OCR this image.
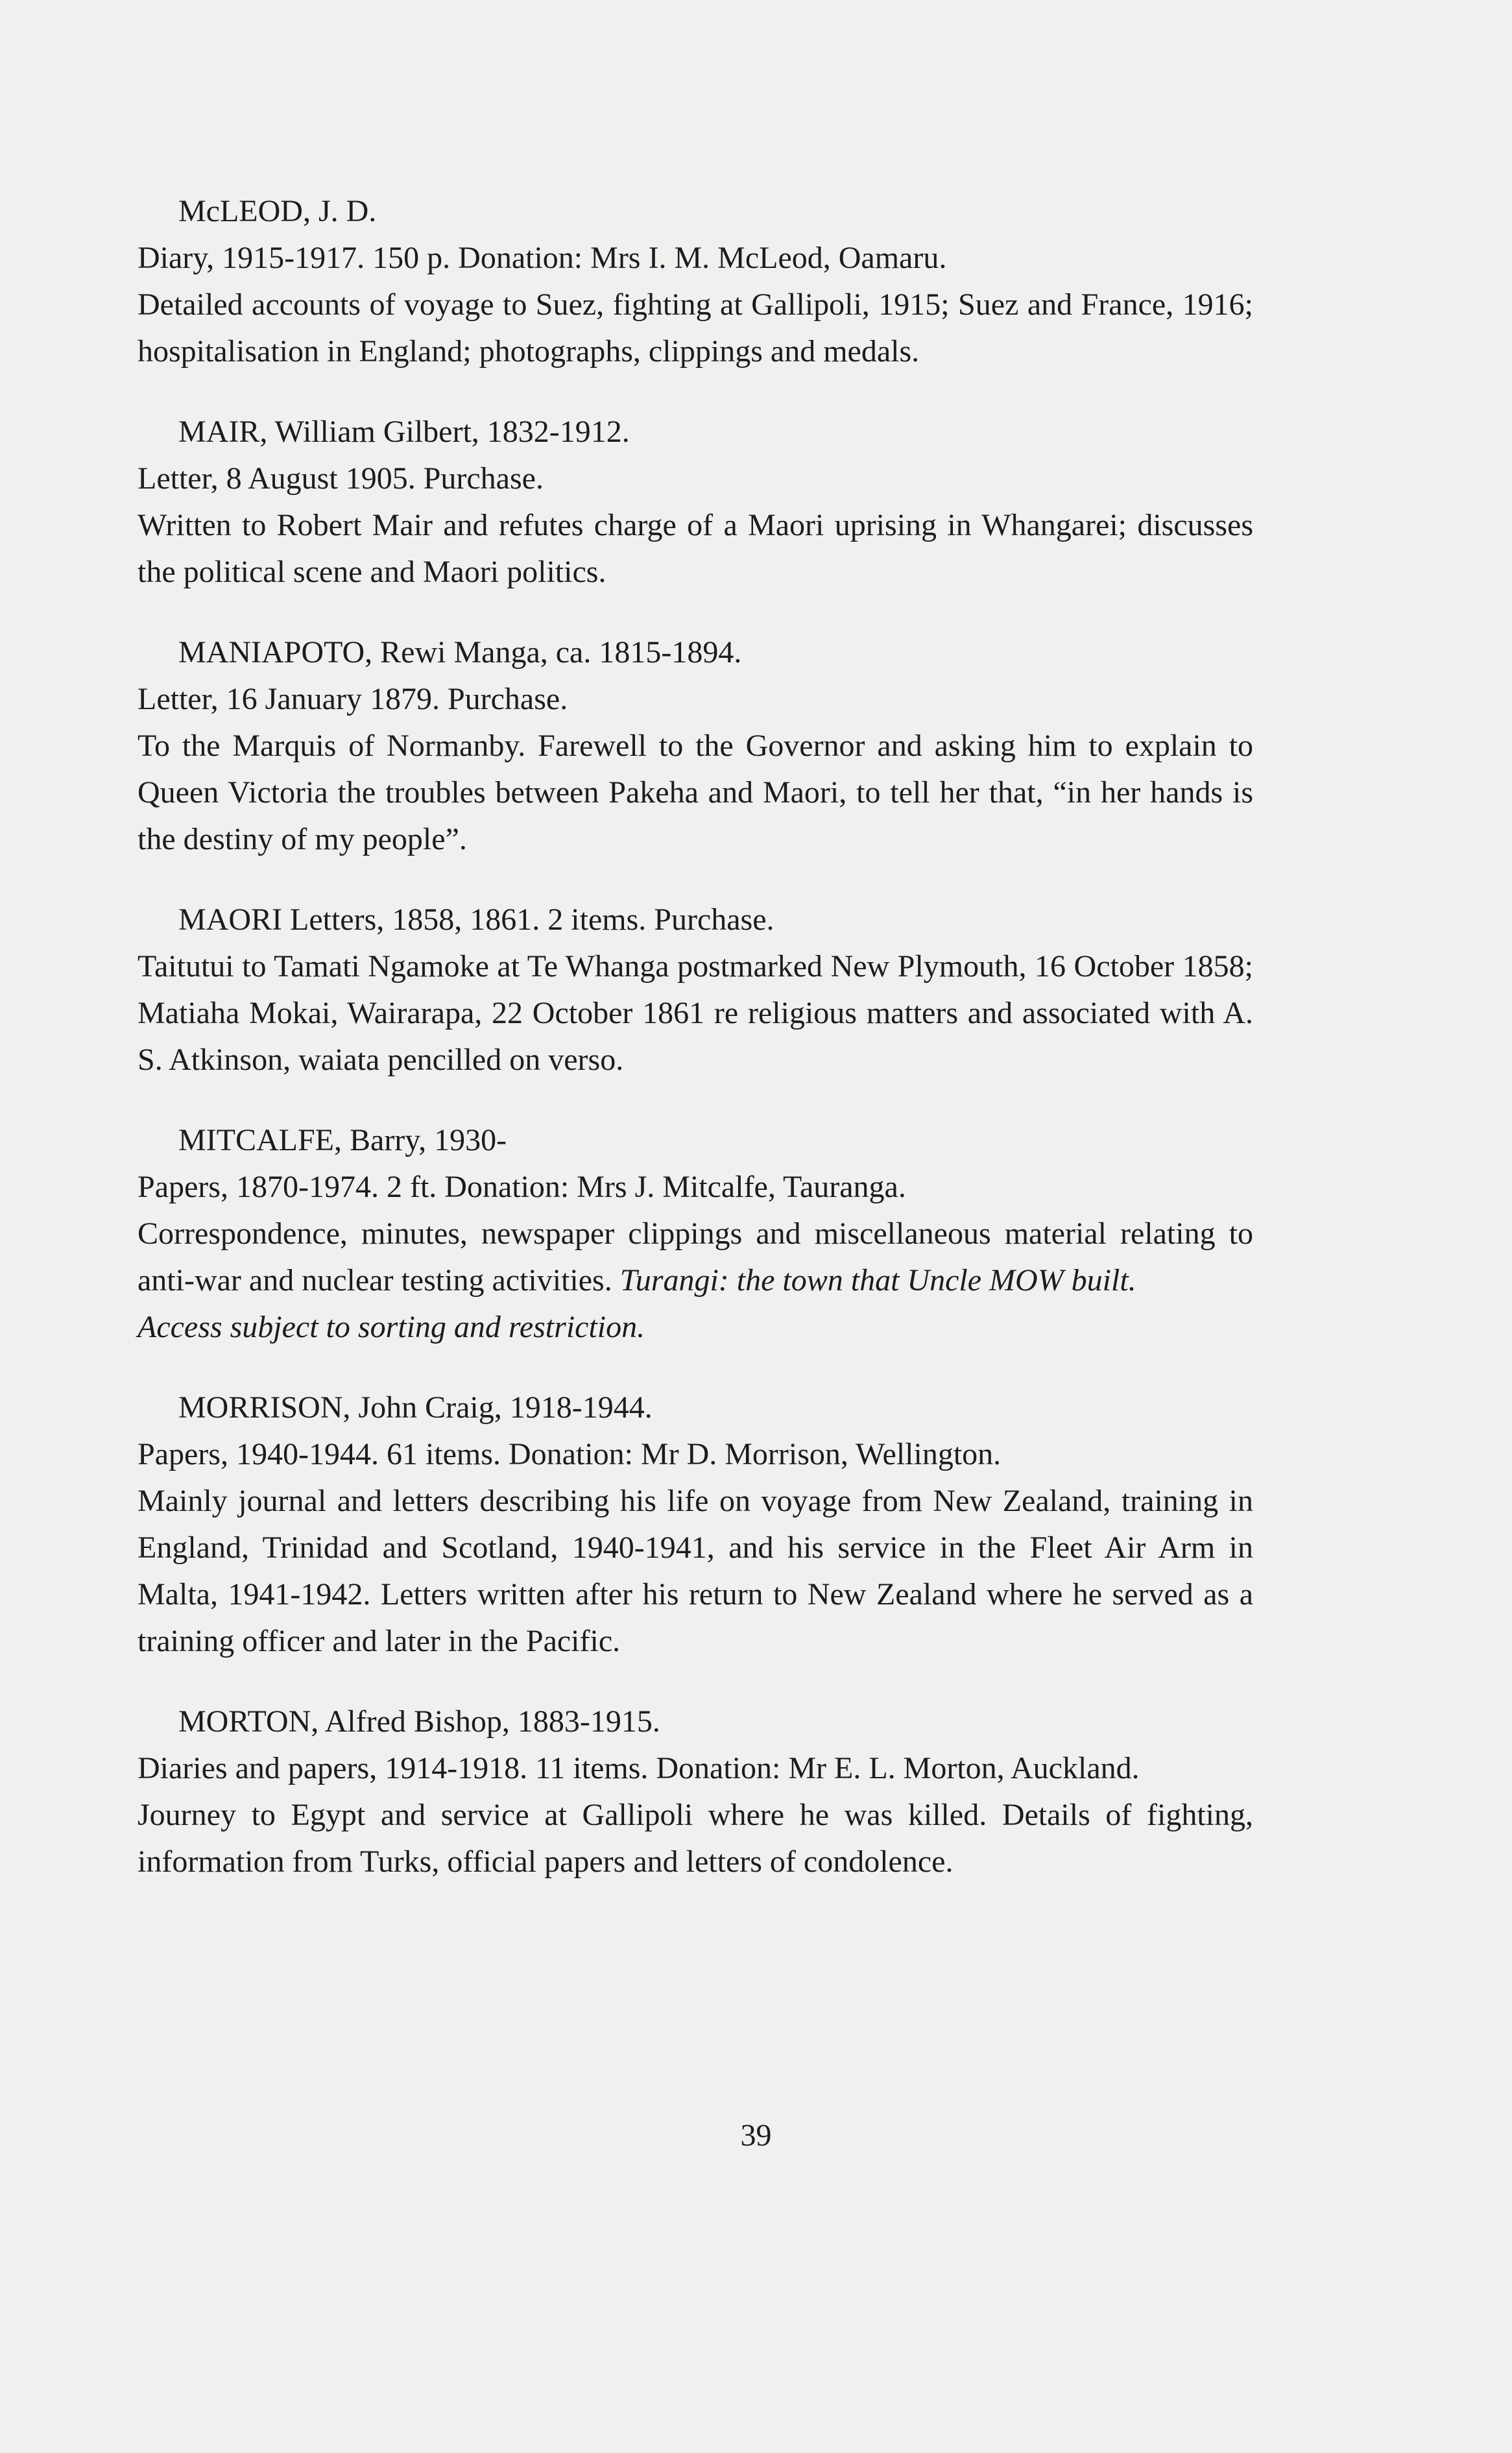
McLEOD, J. D.

Diary, 1915-1917. 150 p. Donation: Mrs I. M. McLeod, Oamaru.

Detailed accounts of voyage to Suez, fighting at Gallipoli, 1915; Suez and France, 1916; hospitalisation in England; photographs, clippings and medals.

MAIR, William Gilbert, 1832-1912.

Letter, 8 August 1905. Purchase.

Written to Robert Mair and refutes charge of a Maori uprising in Whangarei; discusses the political scene and Maori politics.

MANIAPOTO, Rewi Manga, ca. 1815-1894.

Letter, 16 January 1879. Purchase.

To the Marquis of Normanby. Farewell to the Governor and asking him to explain to Queen Victoria the troubles between Pakeha and Maori, to tell her that, “in her hands is the destiny of my people”.

MAORI Letters, 1858, 1861. 2 items. Purchase.

Taitutui to Tamati Ngamoke at Te Whanga postmarked New Plymouth, 16 October 1858; Matiaha Mokai, Wairarapa, 22 October 1861 re religious matters and associated with A. S. Atkinson, waiata pencilled on verso.

MITCALFE, Barry, 1930-

Papers, 1870-1974. 2 ft. Donation: Mrs J. Mitcalfe, Tauranga.

Correspondence, minutes, newspaper clippings and miscellaneous material relating to anti-war and nuclear testing activities. Turangi: the town that Uncle MOW built.

Access subject to sorting and restriction.

MORRISON, John Craig, 1918-1944.

Papers, 1940-1944. 61 items. Donation: Mr D. Morrison, Wellington.

Mainly journal and letters describing his life on voyage from New Zealand, training in England, Trinidad and Scotland, 1940-1941, and his service in the Fleet Air Arm in Malta, 1941-1942. Letters written after his return to New Zealand where he served as a training officer and later in the Pacific.

MORTON, Alfred Bishop, 1883-1915.

Diaries and papers, 1914-1918. 11 items. Donation: Mr E. L. Morton, Auckland.

Journey to Egypt and service at Gallipoli where he was killed. Details of fighting, information from Turks, official papers and letters of condolence.

39
